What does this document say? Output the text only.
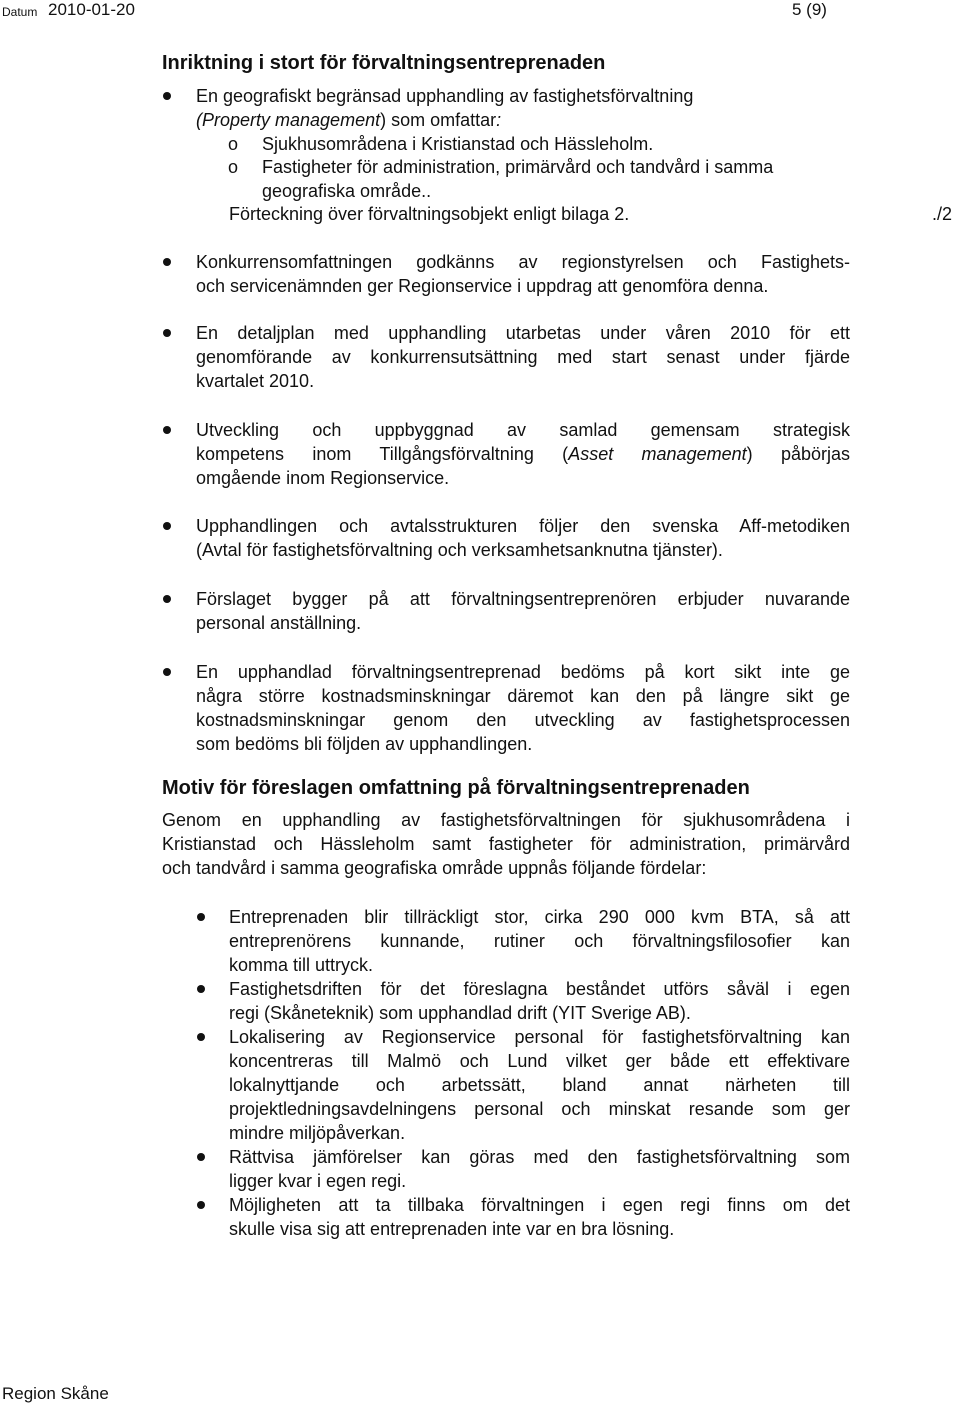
Datum 2010-01-20	5 (9)
Inriktning i stort för förvaltningsentreprenaden
En geografiskt begränsad upphandling av fastighetsförvaltning
(Property management) som omfattar:
o Sjukhusområdena i Kristianstad och Hässleholm.
o Fastigheter för administration, primärvård och tandvård i samma
geografiska område..
Förteckning över förvaltningsobjekt enligt bilaga 2.	./2
Konkurrensomfattningen godkänns av regionstyrelsen och Fastighets-
och servicenämnden ger Regionservice i uppdrag att genomföra denna.
En detaljplan med upphandling utarbetas under våren 2010 för ett
genomförande av konkurrensutsättning med start senast under fjärde
kvartalet 2010.
Utveckling och uppbyggnad av samlad gemensam strategisk
kompetens inom Tillgångsförvaltning (Asset management) påbörjas
omgående inom Regionservice.
Upphandlingen och avtalsstrukturen följer den svenska Aff-metodiken
(Avtal för fastighetsförvaltning och verksamhetsanknutna tjänster).
Förslaget bygger på att förvaltningsentreprenören erbjuder nuvarande
personal anställning.
En upphandlad förvaltningsentreprenad bedöms på kort sikt inte ge
några större kostnadsminskningar däremot kan den på längre sikt ge
kostnadsminskningar genom den utveckling av fastighetsprocessen
som bedöms bli följden av upphandlingen.
Motiv för föreslagen omfattning på förvaltningsentreprenaden
Genom en upphandling av fastighetsförvaltningen för sjukhusområdena i
Kristianstad och Hässleholm samt fastigheter för administration, primärvård
och tandvård i samma geografiska område uppnås följande fördelar:
Entreprenaden blir tillräckligt stor, cirka 290 000 kvm BTA, så att
entreprenörens kunnande, rutiner och förvaltningsfilosofier kan
komma till uttryck.
Fastighetsdriften för det föreslagna beståndet utförs såväl i egen
regi (Skåneteknik) som upphandlad drift (YIT Sverige AB).
Lokalisering av Regionservice personal för fastighetsförvaltning kan
koncentreras till Malmö och Lund vilket ger både ett effektivare
lokalnyttjande och arbetssätt, bland annat närheten till
projektledningsavdelningens personal och minskat resande som ger
mindre miljöpåverkan.
Rättvisa jämförelser kan göras med den fastighetsförvaltning som
ligger kvar i egen regi.
Möjligheten att ta tillbaka förvaltningen i egen regi finns om det
skulle visa sig att entreprenaden inte var en bra lösning.
Region Skåne
